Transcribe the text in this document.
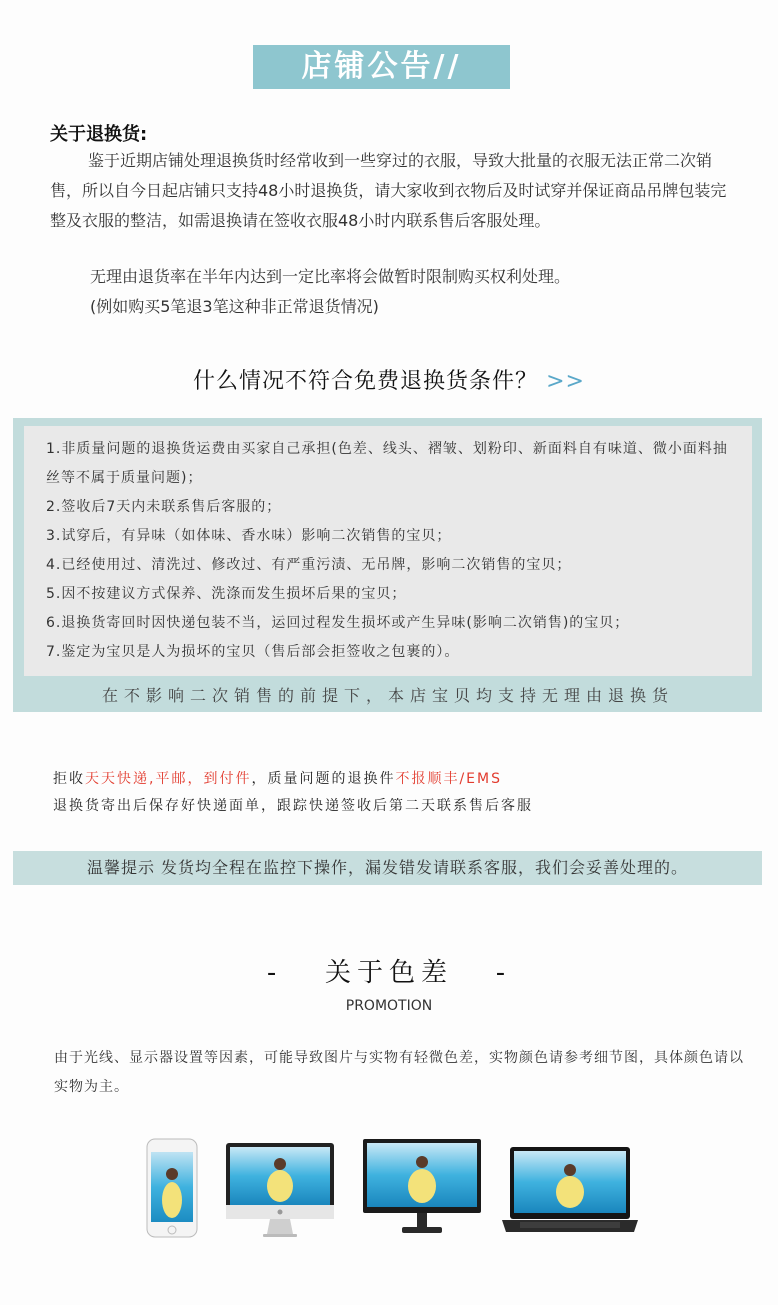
店铺公告//
关于退换货:
鉴于近期店铺处理退换货时经常收到一些穿过的衣服，导致大批量的衣服无法正常二次销售，所以自今日起店铺只支持48小时退换货，请大家收到衣物后及时试穿并保证商品吊牌包装完整及衣服的整洁，如需退换请在签收衣服48小时内联系售后客服处理。
无理由退货率在半年内达到一定比率将会做暂时限制购买权利处理。
(例如购买5笔退3笔这种非正常退货情况)
什么情况不符合免费退换货条件？ >>
1.非质量问题的退换货运费由买家自己承担(色差、线头、褶皱、划粉印、新面料自有味道、微小面料抽丝等不属于质量问题)；
2.签收后7天内未联系售后客服的；
3.试穿后，有异味（如体味、香水味）影响二次销售的宝贝；
4.已经使用过、清洗过、修改过、有严重污渍、无吊牌，影响二次销售的宝贝；
5.因不按建议方式保养、洗涤而发生损坏后果的宝贝；
6.退换货寄回时因快递包装不当，运回过程发生损坏或产生异味(影响二次销售)的宝贝；
7.鉴定为宝贝是人为损坏的宝贝（售后部会拒签收之包裹的）。
在不影响二次销售的前提下，本店宝贝均支持无理由退换货
拒收天天快递,平邮，到付件，质量问题的退换件不报顺丰/EMS
退换货寄出后保存好快递面单，跟踪快递签收后第二天联系售后客服
温馨提示 发货均全程在监控下操作，漏发错发请联系客服，我们会妥善处理的。
-   关于色差   -
PROMOTION
由于光线、显示器设置等因素，可能导致图片与实物有轻微色差，实物颜色请参考细节图，具体颜色请以实物为主。
